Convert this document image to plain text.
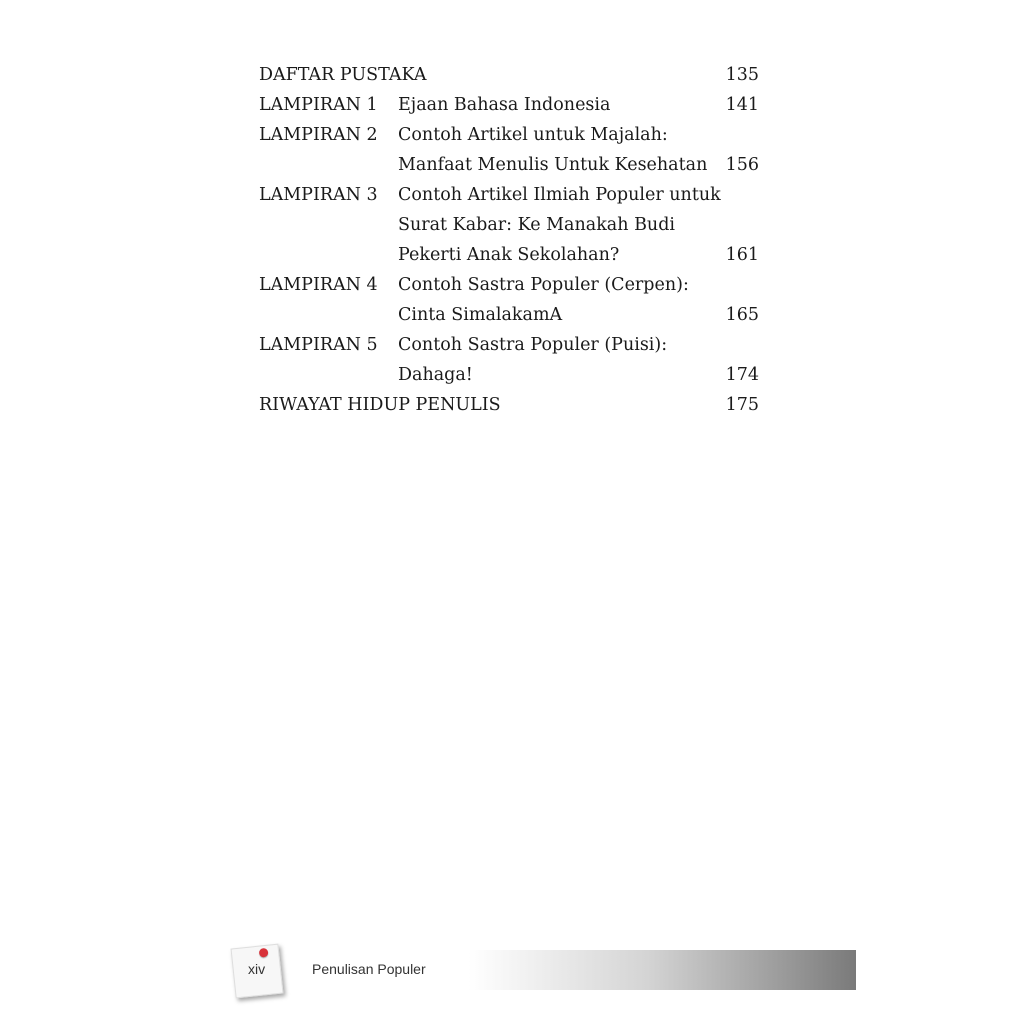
DAFTAR PUSTAKA	135
LAMPIRAN 1 Ejaan Bahasa Indonesia	141
LAMPIRAN 2 Contoh Artikel untuk Majalah:
Manfaat Menulis Untuk Kesehatan 156
LAMPIRAN 3 Contoh Artikel Ilmiah Populer untuk
Surat Kabar: Ke Manakah Budi
Pekerti Anak Sekolahan?	161
LAMPIRAN 4 Contoh Sastra Populer (Cerpen):
Cinta SimalakamA	165
LAMPIRAN 5 Contoh Sastra Populer (Puisi):
Dahaga!	174
RIWAYAT HIDUP PENULIS	175
xiv	Penulisan Populer
